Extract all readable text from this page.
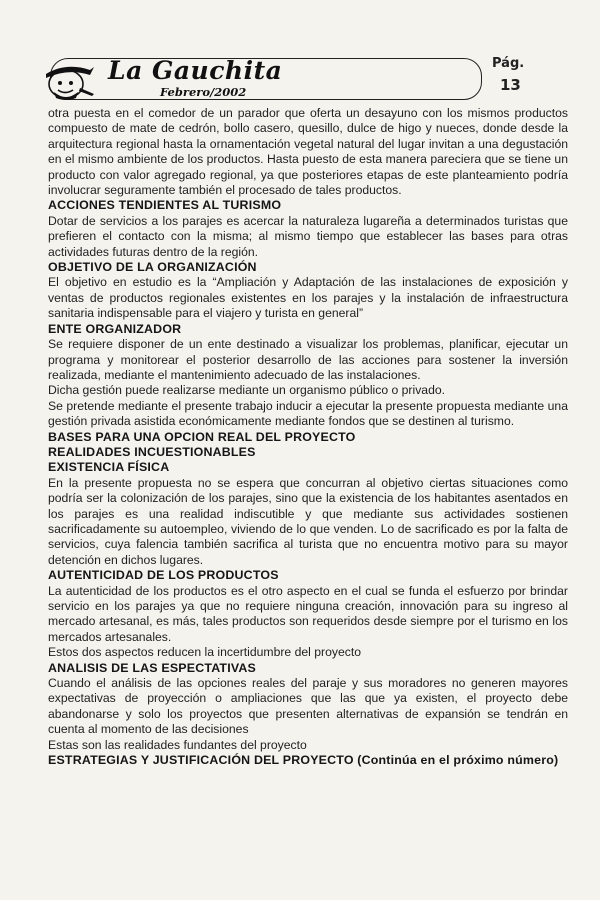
La Gauchita
Febrero/2002
Pág.
13

otra puesta en el comedor de un parador que oferta un desayuno con los mismos productos compuesto de mate de cedrón, bollo casero, quesillo, dulce de higo y nueces, donde desde la arquitectura regional hasta la ornamentación vegetal natural del lugar invitan a una degustación en el mismo ambiente de los productos. Hasta puesto de esta manera pareciera que se tiene un producto con valor agregado regional, ya que posteriores etapas de este planteamiento podría involucrar seguramente también el procesado de tales productos.

ACCIONES TENDIENTES AL TURISMO

Dotar de servicios a los parajes es acercar la naturaleza lugareña a determinados turistas que prefieren el contacto con la misma; al mismo tiempo que establecer las bases para otras actividades futuras dentro de la región.

OBJETIVO DE LA ORGANIZACIÓN

El objetivo en estudio es la “Ampliación y Adaptación de las instalaciones de exposición y ventas de productos regionales existentes en los parajes y la instalación de infraestructura sanitaria indispensable para el viajero y turista en general”

ENTE ORGANIZADOR

Se requiere disponer de un ente destinado a visualizar los problemas, planificar, ejecutar un programa y monitorear el posterior desarrollo de las acciones para sostener la inversión realizada, mediante el mantenimiento adecuado de las instalaciones.

Dicha gestión puede realizarse mediante un organismo público o privado.

Se pretende mediante el presente trabajo inducir a ejecutar la presente propuesta mediante una gestión privada asistida económicamente mediante fondos que se destinen al turismo.

BASES PARA UNA OPCION REAL DEL PROYECTO
REALIDADES INCUESTIONABLES
EXISTENCIA FÍSICA

En la presente propuesta no se espera que concurran al objetivo ciertas situaciones como podría ser la colonización de los parajes, sino que la existencia de los habitantes asentados en los parajes es una realidad indiscutible y que mediante sus actividades sostienen sacrificadamente su autoempleo, viviendo de lo que venden. Lo de sacrificado es por la falta de servicios, cuya falencia también sacrifica al turista que no encuentra motivo para su mayor detención en dichos lugares.

AUTENTICIDAD DE LOS PRODUCTOS

La autenticidad de los productos es el otro aspecto en el cual se funda el esfuerzo por brindar servicio en los parajes ya que no requiere ninguna creación, innovación para su ingreso al mercado artesanal, es más, tales productos son requeridos desde siempre por el turismo en los mercados artesanales.

Estos dos aspectos reducen la incertidumbre del proyecto

ANALISIS DE LAS ESPECTATIVAS

Cuando el análisis de las opciones reales del paraje y sus moradores no generen mayores expectativas de proyección o ampliaciones que las que ya existen, el proyecto debe abandonarse y solo los proyectos que presenten alternativas de expansión se tendrán en cuenta al momento de las decisiones

Estas son las realidades fundantes del proyecto

ESTRATEGIAS Y JUSTIFICACIÓN DEL PROYECTO (Continúa en el próximo número)
